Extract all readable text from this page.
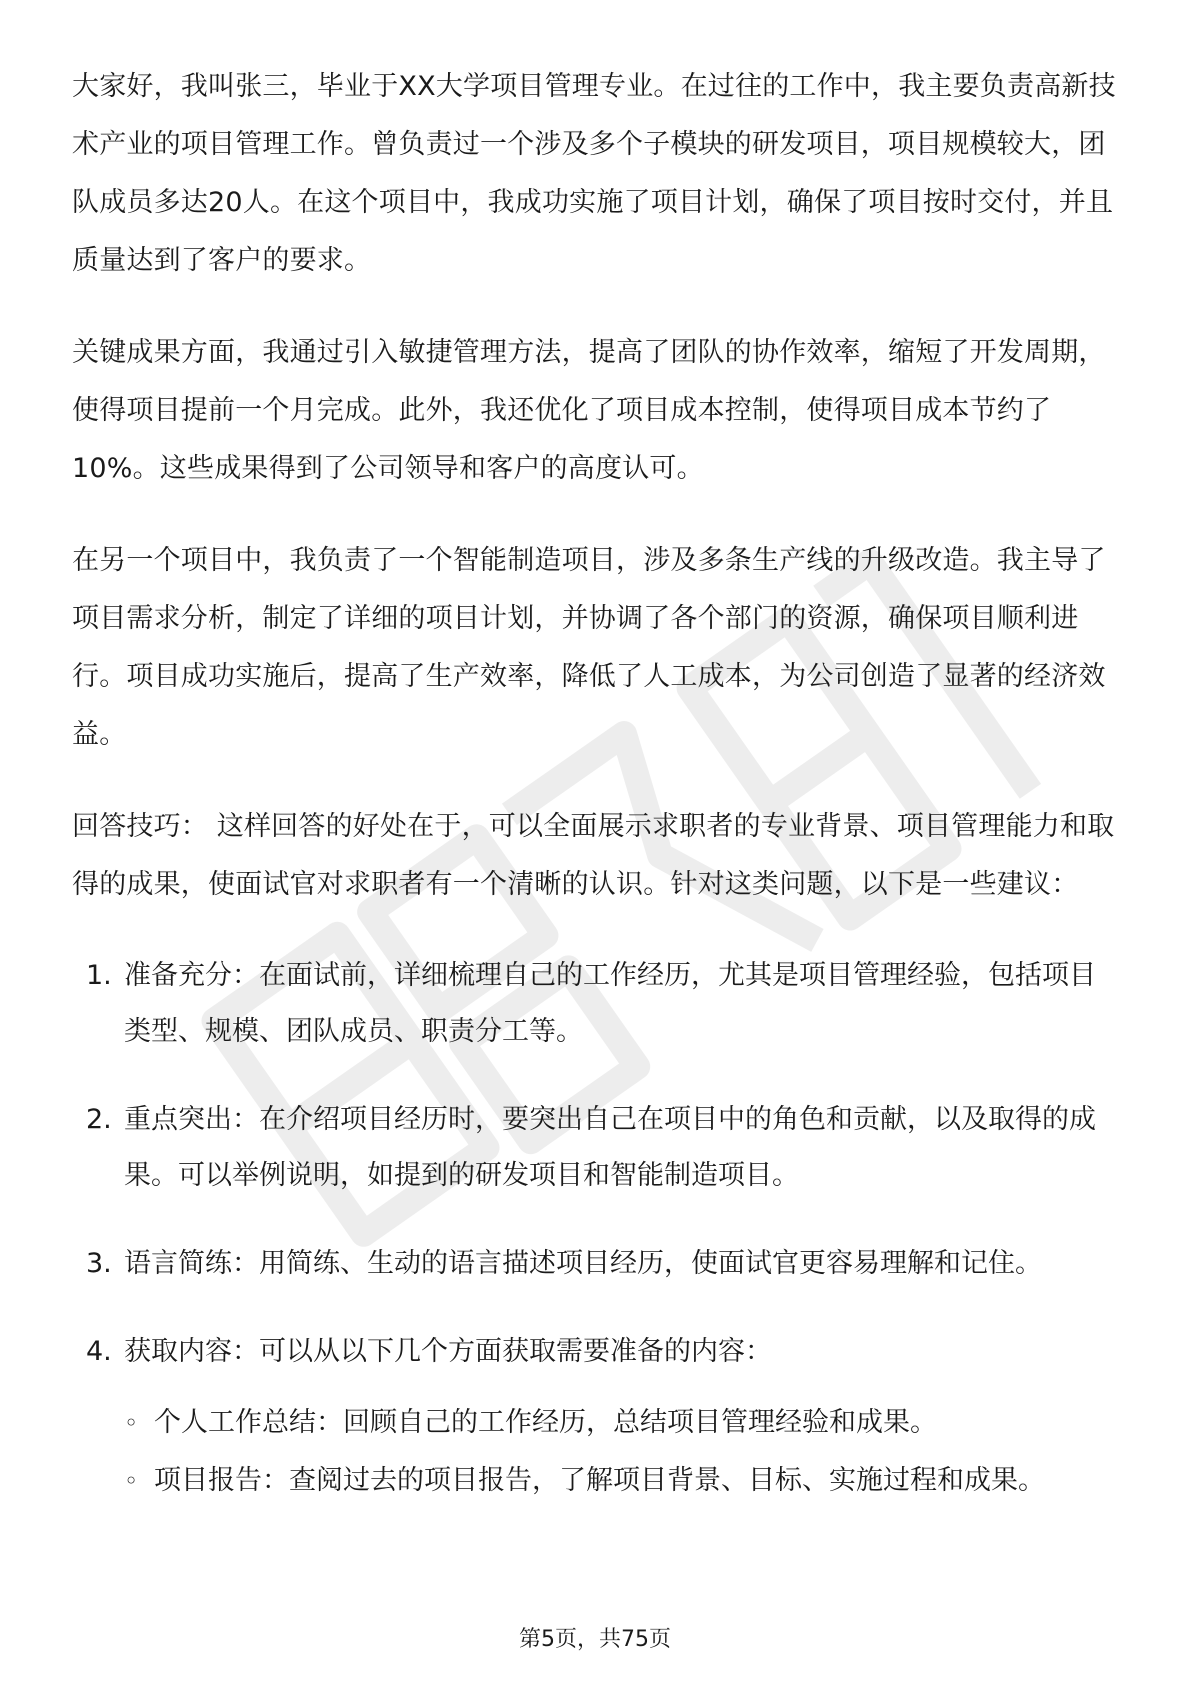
大家好，我叫张三，毕业于XX大学项目管理专业。在过往的工作中，我主要负责高新技术产业的项目管理工作。曾负责过一个涉及多个子模块的研发项目，项目规模较大，团队成员多达20人。在这个项目中，我成功实施了项目计划，确保了项目按时交付，并且质量达到了客户的要求。

关键成果方面，我通过引入敏捷管理方法，提高了团队的协作效率，缩短了开发周期，使得项目提前一个月完成。此外，我还优化了项目成本控制，使得项目成本节约了10%。这些成果得到了公司领导和客户的高度认可。

在另一个项目中，我负责了一个智能制造项目，涉及多条生产线的升级改造。我主导了项目需求分析，制定了详细的项目计划，并协调了各个部门的资源，确保项目顺利进行。项目成功实施后，提高了生产效率，降低了人工成本，为公司创造了显著的经济效益。

回答技巧： 这样回答的好处在于，可以全面展示求职者的专业背景、项目管理能力和取得的成果，使面试官对求职者有一个清晰的认识。针对这类问题，以下是一些建议：

1. 准备充分：在面试前，详细梳理自己的工作经历，尤其是项目管理经验，包括项目类型、规模、团队成员、职责分工等。
2. 重点突出：在介绍项目经历时，要突出自己在项目中的角色和贡献，以及取得的成果。可以举例说明，如提到的研发项目和智能制造项目。
3. 语言简练：用简练、生动的语言描述项目经历，使面试官更容易理解和记住。
4. 获取内容：可以从以下几个方面获取需要准备的内容：
◦ 个人工作总结：回顾自己的工作经历，总结项目管理经验和成果。
◦ 项目报告：查阅过去的项目报告，了解项目背景、目标、实施过程和成果。
第5页，共75页
